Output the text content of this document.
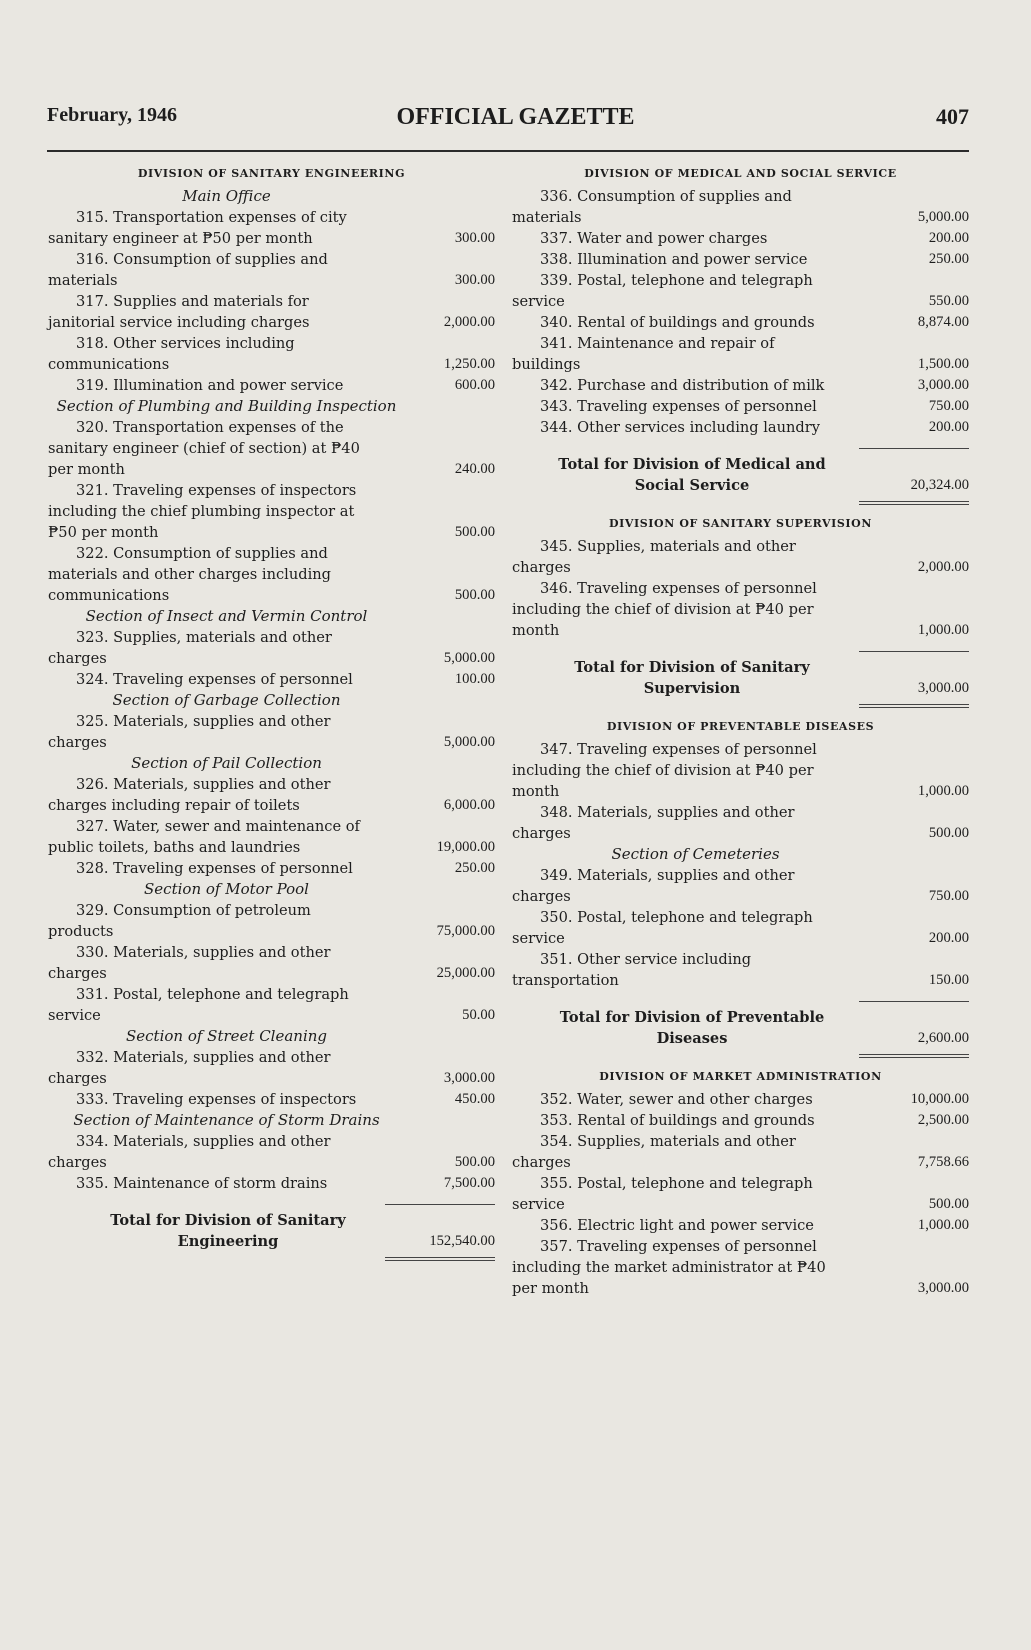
February, 1946	OFFICIAL GAZETTE	407
DIVISION OF SANITARY ENGINEERING
Main Office
315. Transportation expenses of city sanitary engineer at ₱50 per month	300.00
316. Consumption of supplies and materials	300.00
317. Supplies and materials for janitorial service including charges	2,000.00
318. Other services including communications	1,250.00
319. Illumination and power service	600.00
Section of Plumbing and Building Inspection
320. Transportation expenses of the sanitary engineer (chief of section) at ₱40 per month	240.00
321. Traveling expenses of inspectors including the chief plumbing inspector at ₱50 per month	500.00
322. Consumption of supplies and materials and other charges including communications	500.00
Section of Insect and Vermin Control
323. Supplies, materials and other charges	5,000.00
324. Traveling expenses of personnel	100.00
Section of Garbage Collection
325. Materials, supplies and other charges	5,000.00
Section of Pail Collection
326. Materials, supplies and other charges including repair of toilets	6,000.00
327. Water, sewer and maintenance of public toilets, baths and laundries	19,000.00
328. Traveling expenses of personnel	250.00
Section of Motor Pool
329. Consumption of petroleum products	75,000.00
330. Materials, supplies and other charges	25,000.00
331. Postal, telephone and telegraph service	50.00
Section of Street Cleaning
332. Materials, supplies and other charges	3,000.00
333. Traveling expenses of inspectors	450.00
Section of Maintenance of Storm Drains
334. Materials, supplies and other charges	500.00
335. Maintenance of storm drains	7,500.00
Total for Division of Sanitary Engineering	152,540.00
DIVISION OF MEDICAL AND SOCIAL SERVICE
336. Consumption of supplies and materials	5,000.00
337. Water and power charges	200.00
338. Illumination and power service	250.00
339. Postal, telephone and telegraph service	550.00
340. Rental of buildings and grounds	8,874.00
341. Maintenance and repair of buildings	1,500.00
342. Purchase and distribution of milk	3,000.00
343. Traveling expenses of personnel	750.00
344. Other services including laundry	200.00
Total for Division of Medical and Social Service	20,324.00
DIVISION OF SANITARY SUPERVISION
345. Supplies, materials and other charges	2,000.00
346. Traveling expenses of personnel including the chief of division at ₱40 per month	1,000.00
Total for Division of Sanitary Supervision	3,000.00
DIVISION OF PREVENTABLE DISEASES
347. Traveling expenses of personnel including the chief of division at ₱40 per month	1,000.00
348. Materials, supplies and other charges	500.00
Section of Cemeteries
349. Materials, supplies and other charges	750.00
350. Postal, telephone and telegraph service	200.00
351. Other service including transportation	150.00
Total for Division of Preventable Diseases	2,600.00
DIVISION OF MARKET ADMINISTRATION
352. Water, sewer and other charges	10,000.00
353. Rental of buildings and grounds	2,500.00
354. Supplies, materials and other charges	7,758.66
355. Postal, telephone and telegraph service	500.00
356. Electric light and power service	1,000.00
357. Traveling expenses of personnel including the market administrator at ₱40 per month	3,000.00
